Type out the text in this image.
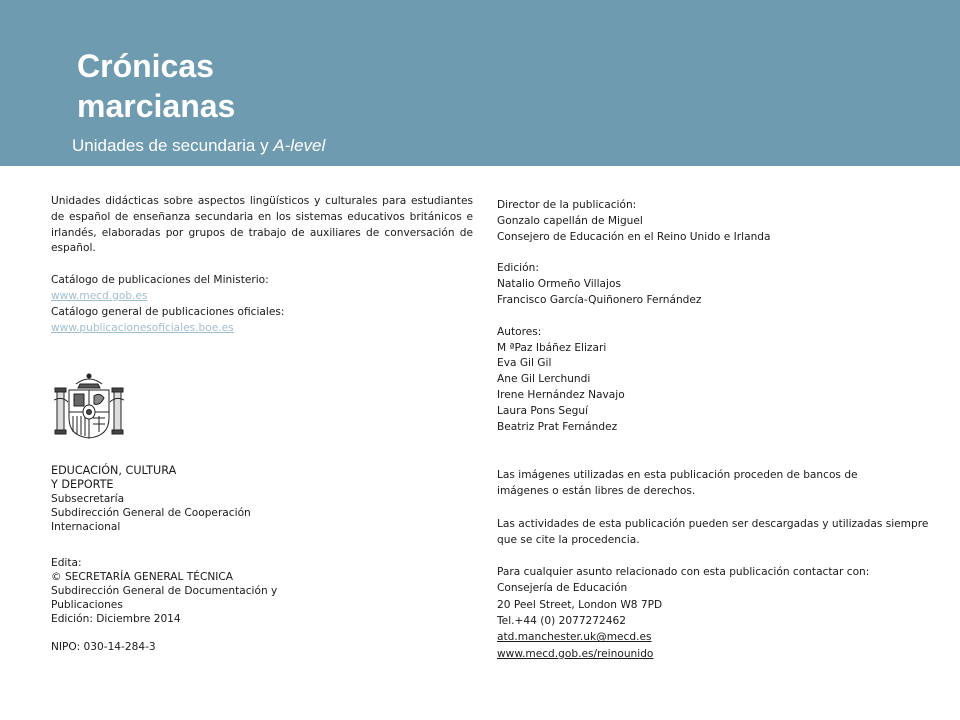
Crónicas
marcianas
Unidades de secundaria y A-level

Unidades didácticas sobre aspectos lingüísticos y culturales para estudiantes de español de enseñanza secundaria en los sistemas educativos británicos e irlandés, elaboradas por grupos de trabajo de auxiliares de conversación de español.

Catálogo de publicaciones del Ministerio:
www.mecd.gob.es
Catálogo general de publicaciones oficiales:
www.publicacionesoficiales.boe.es
EDUCACIÓN, CULTURA
Y DEPORTE
Subsecretaría
Subdirección General de Cooperación
Internacional
Edita:
© SECRETARÍA GENERAL TÉCNICA
Subdirección General de Documentación y
Publicaciones
Edición: Diciembre 2014
NIPO: 030-14-284-3
Director de la publicación:
Gonzalo capellán de Miguel
Consejero de Educación en el Reino Unido e Irlanda
Edición:
Natalio Ormeño Villajos
Francisco García-Quiñonero Fernández
Autores:
M ªPaz Ibáñez Elizari
Eva Gil Gil
Ane Gil Lerchundi
Irene Hernández Navajo
Laura Pons Seguí
Beatriz Prat Fernández
Las imágenes utilizadas en esta publicación proceden de bancos de
imágenes o están libres de derechos.
Las actividades de esta publicación pueden ser descargadas y utilizadas siempre
que se cite la procedencia.
Para cualquier asunto relacionado con esta publicación contactar con:
Consejería de Educación
20 Peel Street, London W8 7PD
Tel.+44 (0) 2077272462
atd.manchester.uk@mecd.es
www.mecd.gob.es/reinounido
